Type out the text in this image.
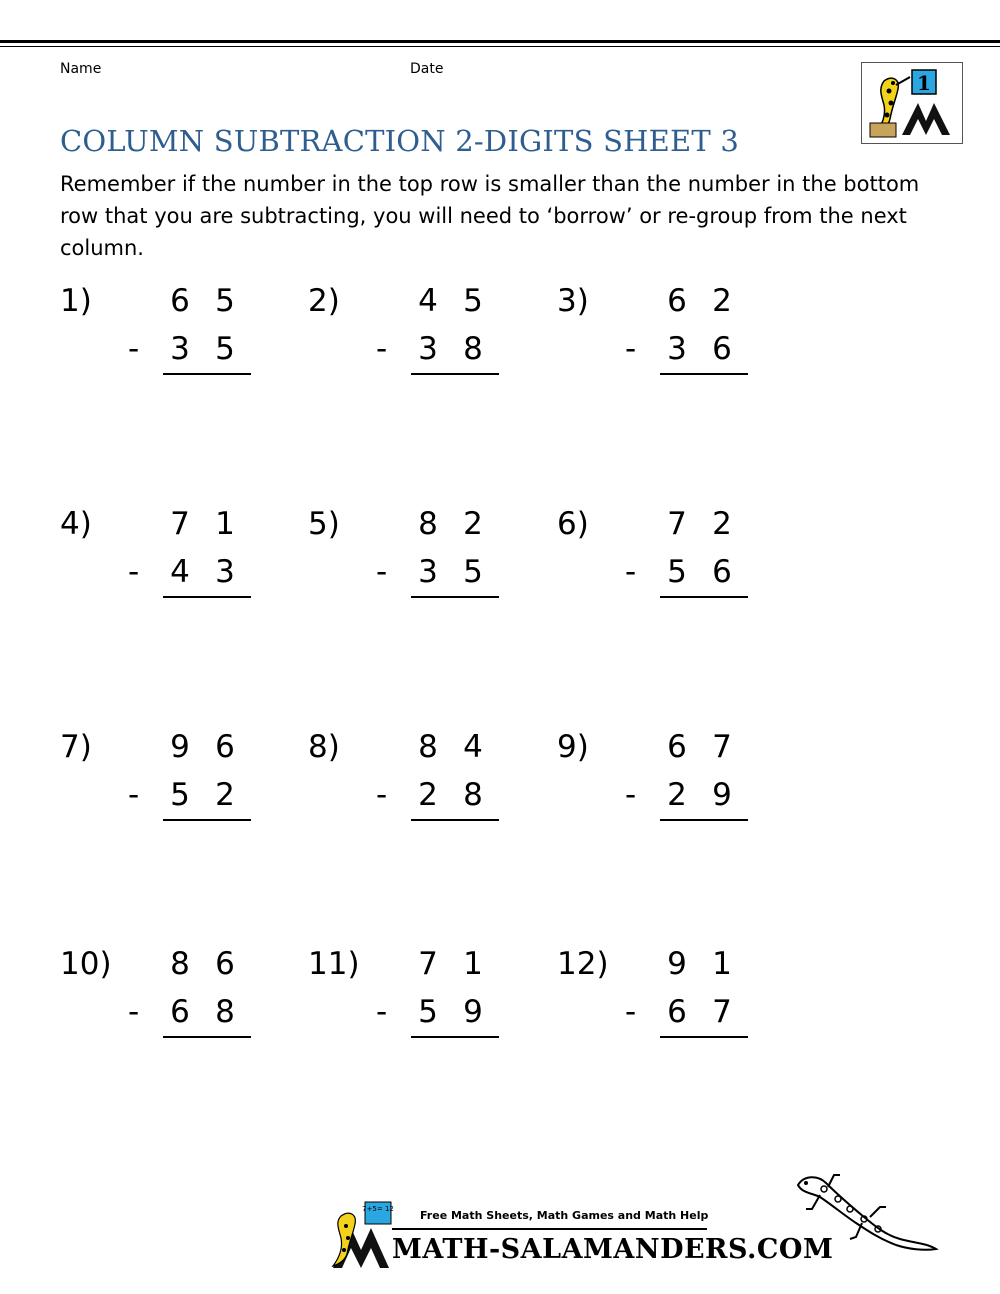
Name	Date
1
COLUMN SUBTRACTION 2-DIGITS SHEET 3

Remember if the number in the top row is smaller than the number in the bottom row that you are subtracting, you will need to ‘borrow’ or re-group from the next column.

1)	6 5
3 5
-
2)	4 5
3 8
-
3)	6 2
3 6
-
4)	7 1
4 3
-
5)	8 2
3 5
-
6)	7 2
5 6
-
7)	9 6
5 2
-
8)	8 4
2 8
-
9)	6 7
2 9
-
10) 8 6
6 8
-
11) 7 1
5 9
-
12) 9 1
6 7
-
7+5= 12 Free Math Sheets, Math Games and Math Help
MATH-SALAMANDERS.COM
